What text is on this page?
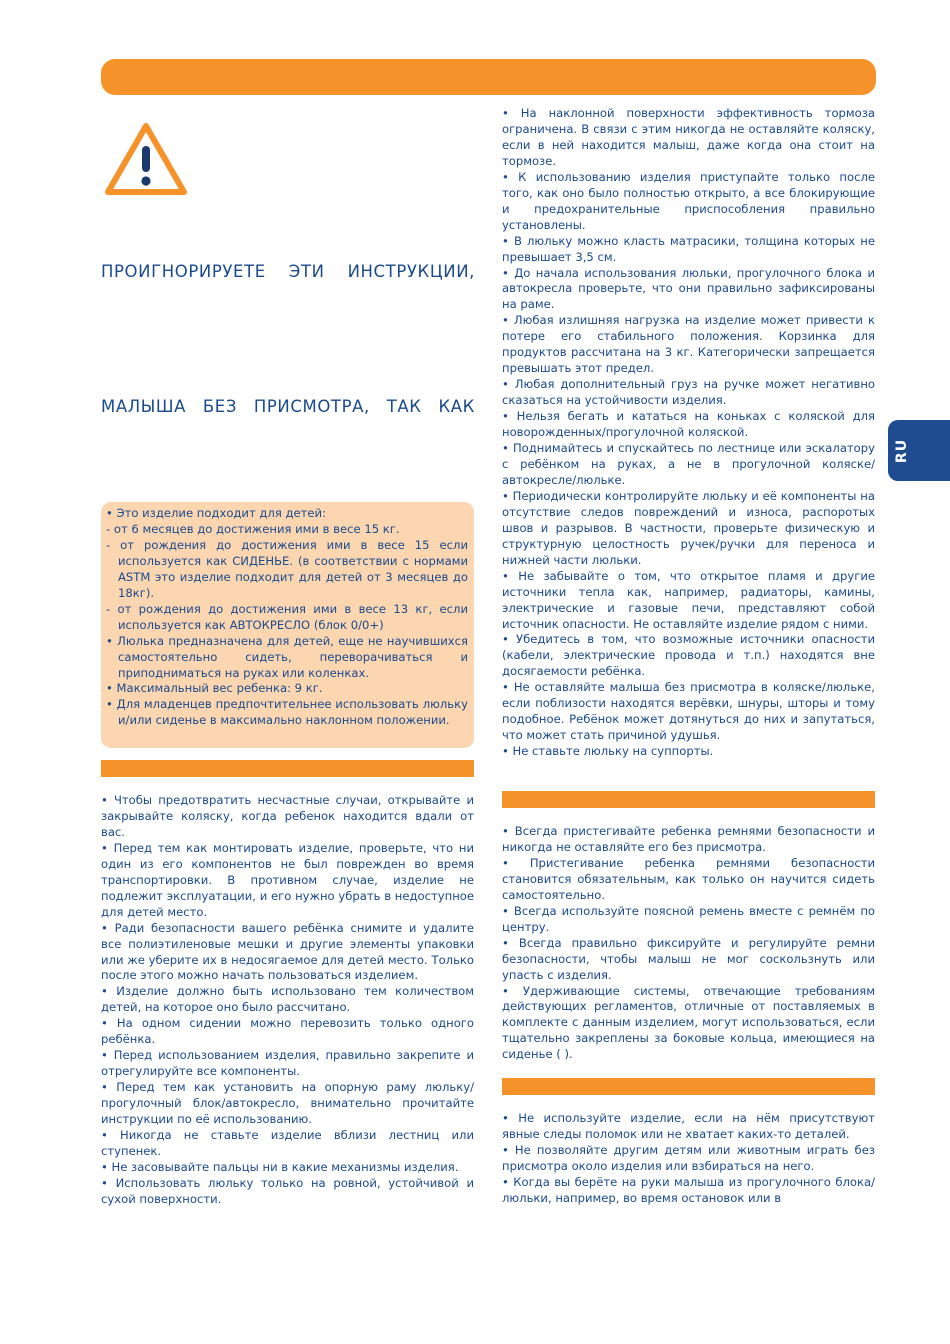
ПРОИГНОРИРУЕТЕ ЭТИ ИНСТРУКЦИИ,
МАЛЫША БЕЗ ПРИСМОТРА, ТАК КАК
• Это изделие подходит для детей:
- от 6 месяцев до достижения ими в весе 15 кг.
- от рождения до достижения ими в весе 15 если используется как СИДЕНЬЕ. (в соответствии с нормами ASTM это изделие подходит для детей от 3 месяцев до 18кг).
- от рождения до достижения ими в весе 13 кг, если используется как АВТОКРЕСЛО (блок 0/0+)
• Люлька предназначена для детей, еще не научившихся самостоятельно сидеть, переворачиваться и приподниматься на руках или коленках.
• Максимальный вес ребенка: 9 кг.
• Для младенцев предпочтительнее использовать люльку и/или сиденье в максимально наклонном положении.

• Чтобы предотвратить несчастные случаи, открывайте и закрывайте коляску, когда ребенок находится вдали от вас.

• Перед тем как монтировать изделие, проверьте, что ни один из его компонентов не был поврежден во время транспортировки. В противном случае, изделие не подлежит эксплуатации, и его нужно убрать в недоступное для детей место.

• Ради безопасности вашего ребёнка снимите и удалите все полиэтиленовые мешки и другие элементы упаковки или же уберите их в недосягаемое для детей место. Только после этого можно начать пользоваться изделием.

• Изделие должно быть использовано тем количеством детей, на которое оно было рассчитано.

• На одном сидении можно перевозить только одного ребёнка.

• Перед использованием изделия, правильно закрепите и отрегулируйте все компоненты.

• Перед тем как установить на опорную раму люльку/прогулочный блок/автокресло, внимательно прочитайте инструкции по её использованию.

• Никогда не ставьте изделие вблизи лестниц или ступенек.

• Не засовывайте пальцы ни в какие механизмы изделия.

• Использовать люльку только на ровной, устойчивой и сухой поверхности.

• На наклонной поверхности эффективность тормоза ограничена. В связи с этим никогда не оставляйте коляску, если в ней находится малыш, даже когда она стоит на тормозе.

• К использованию изделия приступайте только после того, как оно было полностью открыто, а все блокирующие и предохранительные приспособления правильно установлены.

• В люльку можно класть матрасики, толщина которых не превышает 3,5 см.

• До начала использования люльки, прогулочного блока и автокресла проверьте, что они правильно зафиксированы на раме.

• Любая излишняя нагрузка на изделие может привести к потере его стабильного положения. Корзинка для продуктов рассчитана на 3 кг. Категорически запрещается превышать этот предел.

• Любая дополнительный груз на ручке может негативно сказаться на устойчивости изделия.

• Нельзя бегать и кататься на коньках с коляской для новорожденных/прогулочной коляской.

• Поднимайтесь и спускайтесь по лестнице или эскалатору с ребёнком на руках, а не в прогулочной коляске/автокресле/люльке.

• Периодически контролируйте люльку и её компоненты на отсутствие следов повреждений и износа, распоротых швов и разрывов. В частности, проверьте физическую и структурную целостность ручек/ручки для переноса и нижней части люльки.

• Не забывайте о том, что открытое пламя и другие источники тепла как, например, радиаторы, камины, электрические и газовые печи, представляют собой источник опасности. Не оставляйте изделие рядом с ними.

• Убедитесь в том, что возможные источники опасности (кабели, электрические провода и т.п.) находятся вне досягаемости ребёнка.

• Не оставляйте малыша без присмотра в коляске/люльке, если поблизости находятся верёвки, шнуры, шторы и тому подобное. Ребёнок может дотянуться до них и запутаться, что может стать причиной удушья.

• Не ставьте люльку на суппорты.

• Всегда пристегивайте ребенка ремнями безопасности и никогда не оставляйте его без присмотра.

• Пристегивание ребенка ремнями безопасности становится обязательным, как только он научится сидеть самостоятельно.

• Всегда используйте поясной ремень вместе с ремнём по центру.

• Всегда правильно фиксируйте и регулируйте ремни безопасности, чтобы малыш не мог соскользнуть или упасть с изделия.

• Удерживающие системы, отвечающие требованиям действующих регламентов, отличные от поставляемых в комплекте с данным изделием, могут использоваться, если тщательно закреплены за боковые кольца, имеющиеся на сиденье ( ).

• Не используйте изделие, если на нём присутствуют явные следы поломок или не хватает каких-то деталей.

• Не позволяйте другим детям или животным играть без присмотра около изделия или взбираться на него.

• Когда вы берёте на руки малыша из прогулочного блока/люльки, например, во время остановок или в

RU
